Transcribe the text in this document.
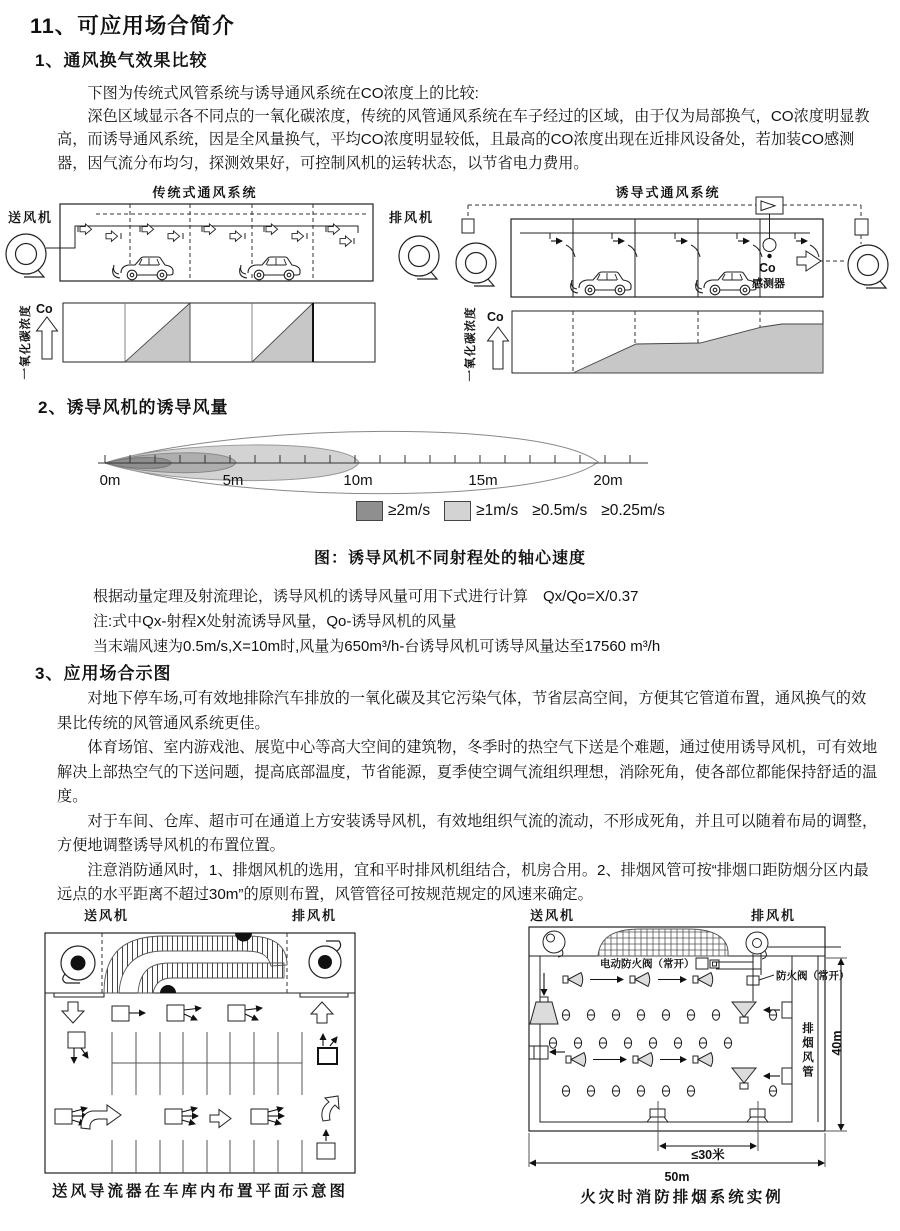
11、可应用场合简介
1、通风换气效果比较

下图为传统式风管系统与诱导通风系统在CO浓度上的比较:

深色区域显示各不同点的一氧化碳浓度，传统的风管通风系统在车子经过的区域，由于仅为局部换气，CO浓度明显教高，而诱导通风系统，因是全风量换气，平均CO浓度明显较低，且最高的CO浓度出现在近排风设备处，若加装CO感测器，因气流分布均匀，探测效果好，可控制风机的运转状态，以节省电力费用。

传统式通风系统
送风机	排风机
Co
一氧化碳浓度
诱导式通风系统
Co
感测器
Co
一氧化碳浓度
2、诱导风机的诱导风量
0m	5m	10m	15m	20m
≥2m/s	≥1m/s ≥0.5m/s ≥0.25m/s
图：诱导风机不同射程处的轴心速度

根据动量定理及射流理论，诱导风机的诱导风量可用下式进行计算　Qx/Qo=X/0.37

注:式中Qx-射程X处射流诱导风量，Qo-诱导风机的风量

当末端风速为0.5m/s,X=10m时,风量为650m³/h-台诱导风机可诱导风量达至17560 m³/h

3、应用场合示图

对地下停车场,可有效地排除汽车排放的一氧化碳及其它污染气体，节省层高空间，方便其它管道布置，通风换气的效果比传统的风管通风系统更佳。

体育场馆、室内游戏池、展览中心等高大空间的建筑物，冬季时的热空气下送是个难题，通过使用诱导风机，可有效地解决上部热空气的下送问题，提高底部温度，节省能源，夏季使空调气流组织理想，消除死角，使各部位都能保持舒适的温度。

对于车间、仓库、超市可在通道上方安装诱导风机，有效地组织气流的流动，不形成死角，并且可以随着布局的调整，方便地调整诱导风机的布置位置。

注意消防通风时，1、排烟风机的选用，宜和平时排风机组结合，机房合用。2、排烟风管可按“排烟口距防烟分区内最远点的水平距离不超过30m”的原则布置，风管管径可按规范规定的风速来确定。

送风机	排风机
送风导流器在车库内布置平面示意图
送风机	排风机
电动防火阀（常开）
防火阀（常开）
≤30米
50m
火灾时消防排烟系统实例
排烟风管 40m
